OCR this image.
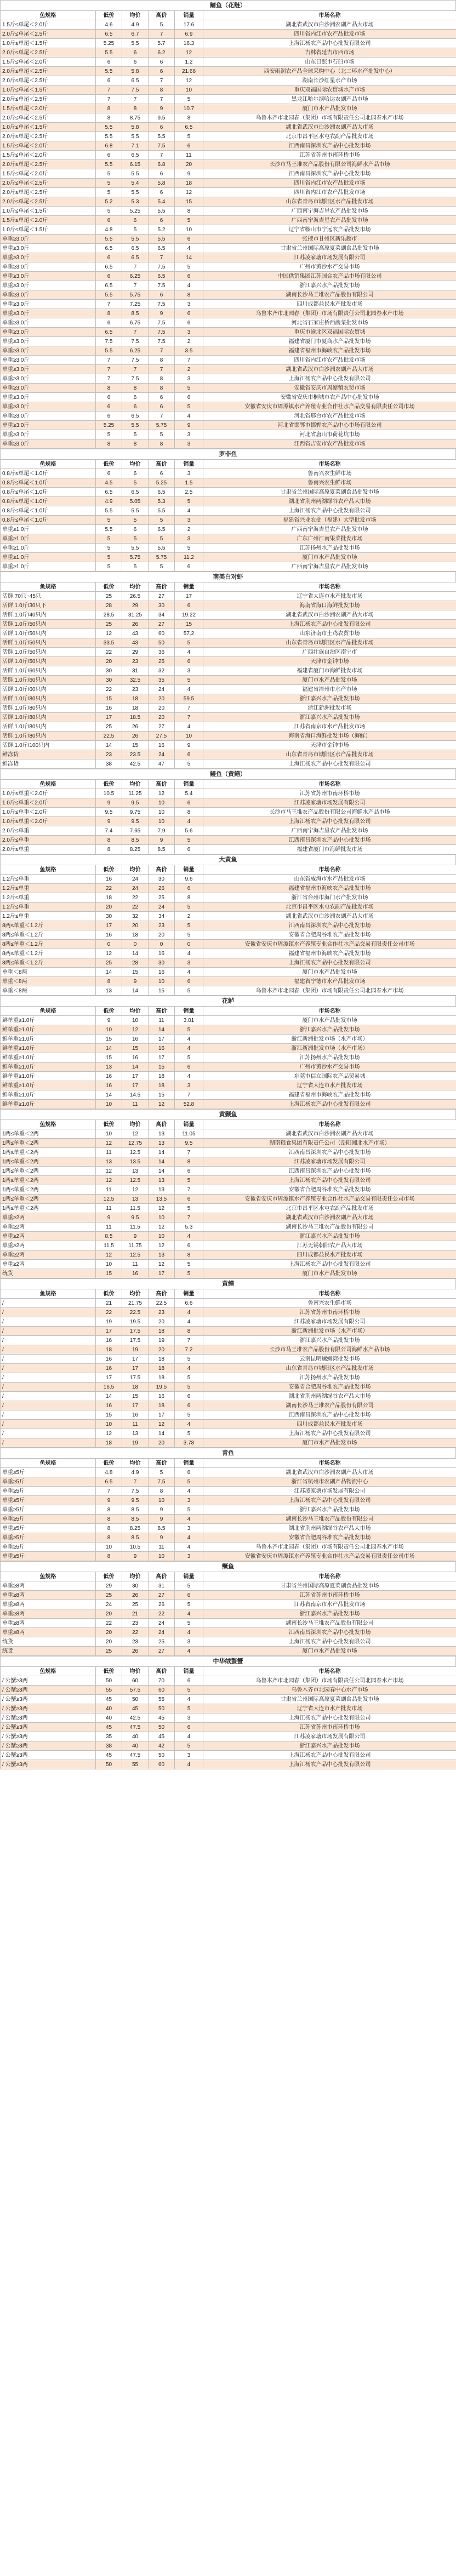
鳙鱼（花鲢）
鱼规格	低价	均价	高价	销量	市场名称
1.5斤≤单尾＜2.0斤	4.6	4.9	5	17.6	湖北省武汉市白沙洲农副产品大市场
2.0斤≤单尾＜2.5斤	6.5	6.7	7	6.9	四川省内江市农产品批发市场
1.0斤≤单尾＜1.5斤	5.25	5.5	5.7	16.3	上海江杨农产品中心批发有限公司
2.0斤≤单尾＜2.5斤	5.5	6	6.2	12	吉林省延吉市西市场
1.5斤≤单尾＜2.0斤	6	6	6	1.2	山东日照市石臼市场
2.0斤≤单尾＜2.5斤	5.5	5.8	6	21.66	西安雨润农产品全球采购中心（北二环水产批发中心）
2.0斤≤单尾＜2.5斤	6	6.5	7	12	湖南长沙红星水产市场
1.0斤≤单尾＜1.5斤	7	7.5	8	10	重庆双福国际农贸城水产市场
2.0斤≤单尾＜2.5斤	7	7	7	5	黑龙江哈尔滨哈达农副产品市场
1.5斤≤单尾＜2.0斤	8	8	9	10.7	厦门市水产品批发市场
2.0斤≤单尾＜2.5斤	8	8.75	9.5	8	乌鲁木齐市北园春（集团）市场有限责任公司北园春水产市场
1.0斤≤单尾＜1.5斤	5.5	5.8	6	6.5	湖北省武汉市白沙洲农副产品大市场
2.0斤≤单尾＜2.5斤	5.5	5.5	5.5	5	北京市昌平区水屯农副产品批发市场
1.5斤≤单尾＜2.0斤	6.8	7.1	7.5	6	江西南昌深圳农产品中心批发市场
1.5斤≤单尾＜2.0斤	6	6.5	7	11	江苏省苏州市南环桥市场
2.0斤≤单尾＜2.5斤	5.5	6.15	6.8	20	长沙市马王堆农产品股份有限公司海鲜水产品市场
1.5斤≤单尾＜2.0斤	5	5.5	6	9	江西南昌深圳农产品中心批发市场
2.0斤≤单尾＜2.5斤	5	5.4	5.8	18	四川省内江市农产品批发市场
2.0斤≤单尾＜2.5斤	5	5.5	6	12	四川省内江市农产品批发市场
2.0斤≤单尾＜2.5斤	5.2	5.3	5.4	15	山东省青岛市城阳区水产品批发市场
1.0斤≤单尾＜1.5斤	5	5.25	5.5	8	广西南宁海吉星农产品批发市场
1.5斤≤单尾＜2.0斤	6	6	6	5	广西南宁海吉星农产品批发市场
1.0斤≤单尾＜1.5斤	4.8	5	5.2	10	辽宁省鞍山市宁远农产品批发市场
单重≥3.0斤	5.5	5.5	5.5	6	张掖市甘州区新乐超市
单重≥3.0斤	6.5	6.5	6.5	4	甘肃省兰州国际高原夏菜副食品批发市场
单重≥3.0斤	6	6.5	7	14	江苏凌家塘市场发展有限公司
单重≥3.0斤	6.5	7	7.5	5	广州市黄沙水产交易市场
单重≥3.0斤	6	6.25	6.5	6	中国供销集团江苏国合农产品市场有限公司
单重≥3.0斤	6.5	7	7.5	4	浙江嘉兴水产品批发市场
单重≥3.0斤	5.5	5.75	6	8	湖南长沙马王堆农产品股份有限公司
单重≥3.0斤	7	7.25	7.5	3	四川成都益民水产批发市场
单重≥3.0斤	8	8.5	9	6	乌鲁木齐市北园春（集团）市场有限责任公司北园春水产市场
单重≥3.0斤	6	6.75	7.5	6	河北省石家庄桥西蔬菜批发市场
单重≥3.0斤	6.5	7	7.5	3	重庆市渝北区双福国际农贸城
单重≥3.0斤	7.5	7.5	7.5	2	福建省厦门市夏商水产品批发市场
单重≥3.0斤	5.5	6.25	7	3.5	福建省福州市海峡农产品批发市场
单重≥3.0斤	7	7.5	8	7	四川省内江市农产品批发市场
单重≥3.0斤	7	7	7	2	湖北省武汉市白沙洲农副产品大市场
单重≥3.0斤	7	7.5	8	3	上海江杨农产品中心批发有限公司
单重≥3.0斤	8	8	8	5	安徽省安庆市周潭镇农贸市场
单重≥3.0斤	6	6	6	6	安徽省安庆市桐城市农产品中心批发市场
单重≥3.0斤	6	6	6	5	安徽省安庆市周潭镇水产养殖专业合作社水产品交易有限责任公司市场
单重≥3.0斤	6	6.5	7	4	河北省邢台市农产品批发市场
单重≥3.0斤	5.25	5.5	5.75	9	河北省邯郸市邯郸农产品中心市场有限公司
单重≥3.0斤	5	5	5	3	河北省唐山市荷花坑市场
单重≥3.0斤	8	8	8	3	江西省吉安市农产品批发市场
罗非鱼
鱼规格	低价	均价	高价	销量	市场名称
0.8斤≤单尾＜1.0斤	6	6	6	3	鲁南兴农生鲜市场
0.8斤≤单尾＜1.0斤	4.5	5	5.25	1.5	鲁南兴农生鲜市场
0.8斤≤单尾＜1.0斤	6.5	6.5	6.5	2.5	甘肃省兰州国际高原夏菜副食品批发市场
0.8斤≤单尾＜1.0斤	4.9	5.05	5.3	5	湖北省荆州两湖绿谷农产品大市场
0.8斤≤单尾＜1.0斤	5.5	5.5	5.5	4	上海江杨农产品中心批发有限公司
0.8斤≤单尾＜1.0斤	5	5	5	3	福建省兴业农批（福建）大型批发市场
单重≥1.0斤	5.5	6	6.5	2	广西南宁海吉星农产品批发市场
单重≥1.0斤	5	5	5	3	广东广州江南果菜批发市场
单重≥1.0斤	5	5.5	5.5	5	江苏扬州水产品批发市场
单重≥1.0斤	5	5.75	5.75	11.2	厦门市水产品批发市场
单重≥1.0斤	5	5	5	6	广西南宁海吉星农产品批发市场
南美白对虾
鱼规格	低价	均价	高价	销量	市场名称
活鲜,70只~45只	25	26.5	27	17	辽宁省大连市水产批发市场
活鲜,1.0斤/30只下	28	29	30	6	海南省海口海鲜批发市场
活鲜,1.0斤/40只内	28.5	31.25	34	19.22	湖北省武汉市白沙洲农副产品大市场
活鲜,1.0斤/50只内	25	26	27	15	上海江杨农产品中心批发有限公司
活鲜,1.0斤/50只内	12	43	60	57.2	山东济南市土鸡农贸市场
活鲜,1.0斤/50只内	33.5	43	50	5	山东省青岛市城阳区水产品批发市场
活鲜,1.0斤/50只内	22	29	36	4	广西壮族自治区南宁市
活鲜,1.0斤/50只内	20	23	25	6	天津市金钟市场
活鲜,1.0斤/60只内	30	31	32	3	福建省厦门市海鲜批发市场
活鲜,1.0斤/60只内	30	32.5	35	5	厦门市水产品批发市场
活鲜,1.0斤/60只内	22	23	24	4	福建省漳州市水产市场
活鲜,1.0斤/80只内	15	18	20	59.5	浙江嘉兴水产品批发市场
活鲜,1.0斤/80只内	16	18	20	7	浙江新洲批发市场
活鲜,1.0斤/80只内	17	18.5	20	7	浙江嘉兴水产品批发市场
活鲜,1.0斤/80只内	25	26	27	4	江苏省南京市水产品批发市场
活鲜,1.0斤/80只内	22.5	26	27.5	10	海南省海口海鲜批发市场（海鲜）
活鲜,1.0斤/100只内	14	15	16	9	天津市金钟市场
鲜冻货	23	23.5	24	6	山东省青岛市城阳区水产品批发市场
鲜冻货	38	42.5	47	5	上海江杨农产品中心批发有限公司
鳗鱼（黄鳝）
鱼规格	低价	均价	高价	销量	市场名称
1.0斤≤单重＜2.0斤	10.5	11.25	12	5.4	江苏省苏州市南环桥市场
1.0斤≤单重＜2.0斤	9	9.5	10	6	江苏凌家塘市场发展有限公司
1.0斤≤单重＜2.0斤	9.5	9.75	10	8	长沙市马王堆农产品股份有限公司海鲜水产品市场
1.0斤≤单重＜2.0斤	9	9.5	10	4	上海江杨农产品中心批发有限公司
2.0斤≤单重	7.4	7.65	7.9	5.6	广西南宁海吉星农产品批发市场
2.0斤≤单重	8	8.5	9	5	江西南昌深圳农产品中心批发市场
2.0斤≤单重	8	8.25	8.5	6	福建省厦门市海鲜批发市场
大黄鱼
鱼规格	低价	均价	高价	销量	市场名称
1.2斤≤单重	16	24	30	9.6	山东省威海市水产品批发市场
1.2斤≤单重	22	24	26	6	福建省福州市海峡农产品批发市场
1.2斤≤单重	18	22	25	8	浙江省台州市海门水产批发市场
1.2斤≤单重	20	22	24	5	北京市昌平区水屯农副产品批发市场
1.2斤≤单重	30	32	34	2	湖北省武汉市白沙洲农副产品大市场
8两≤单重＜1.2斤	17	20	23	5	江西南昌深圳农产品中心批发市场
8两≤单重＜1.2斤	16	18	20	5	安徽省合肥周谷堆农产品批发市场
8两≤单重＜1.2斤	0	0	0	0	安徽省安庆市周潭镇水产养殖专业合作社水产品交易有限责任公司市场
8两≤单重＜1.2斤	12	14	16	4	福建省福州市海峡农产品批发市场
8两≤单重＜1.2斤	25	28	30	3	上海江杨农产品中心批发有限公司
单重＜8两	14	15	16	4	厦门市水产品批发市场
单重＜8两	8	9	10	6	福建省宁德市水产品批发市场
单重＜8两	13	14	15	5	乌鲁木齐市北园春（集团）市场有限责任公司北园春水产市场
花鲈
鱼规格	低价	均价	高价	销量	市场名称
鲜单重≥1.0斤	9	10	11	3.01	厦门市水产品批发市场
鲜单重≥1.0斤	10	12	14	5	浙江嘉兴水产品批发市场
鲜单重≥1.0斤	15	16	17	4	浙江新洲批发市场（水产市场）
鲜单重≥1.0斤	14	15	16	4	浙江新洲批发市场（水产市场）
鲜单重≥1.0斤	15	16	17	5	江苏扬州水产品批发市场
鲜单重≥1.0斤	13	14	15	6	广州市黄沙水产交易市场
鲜单重≥1.0斤	16	17	18	4	东莞市信立国际农产品贸易城
鲜单重≥1.0斤	16	17	18	3	辽宁省大连市水产批发市场
鲜单重≥1.0斤	14	14.5	15	7	福建省福州市海峡农产品批发市场
鲜单重≥1.0斤	10	11	12	52.8	上海江杨农产品中心批发有限公司
黄颡鱼
鱼规格	低价	均价	高价	销量	市场名称
1两≤单重＜2两	10	12	13	11.05	湖北省武汉市白沙洲农副产品大市场
1两≤单重＜2两	12	12.75	13	9.5	湖南粮食集团有限责任公司（岳阳湘北水产市场）
1两≤单重＜2两	11	12.5	14	7	江西南昌深圳农产品中心批发市场
1两≤单重＜2两	13	13.5	14	8	江苏凌家塘市场发展有限公司
1两≤单重＜2两	12	13	14	6	江西南昌深圳农产品中心批发市场
1两≤单重＜2两	12	12.5	13	5	上海江杨农产品中心批发有限公司
1两≤单重＜2两	11	12	13	7	安徽省合肥周谷堆农产品批发市场
1两≤单重＜2两	12.5	13	13.5	6	安徽省安庆市周潭镇水产养殖专业合作社水产品交易有限责任公司市场
1两≤单重＜2两	11	11.5	12	5	北京市昌平区水屯农副产品批发市场
单重≥2两	9	9.5	10	7	湖北省武汉市白沙洲农副产品大市场
单重≥2两	11	11.5	12	5.3	湖南长沙马王堆农产品股份有限公司
单重≥2两	8.5	9	10	4	浙江嘉兴水产品批发市场
单重≥2两	11.5	11.75	12	6	江苏无锡朝阳农产品大市场
单重≥2两	12	12.5	13	8	四川成都益民水产批发市场
单重≥2两	10	11	12	5	上海江杨农产品中心批发有限公司
统货	15	16	17	5	厦门市水产品批发市场
黄鳝
鱼规格	低价	均价	高价	销量	市场名称
/	21	21.75	22.5	6.6	鲁南兴农生鲜市场
/	22	22.5	23	4	江苏省苏州市南环桥市场
/	19	19.5	20	4	江苏凌家塘市场发展有限公司
/	17	17.5	18	8	浙江新洲批发市场（水产市场）
/	16	17.5	19	7	浙江嘉兴水产品批发市场
/	18	19	20	7.2	长沙市马王堆农产品股份有限公司海鲜水产品市场
/	16	17	18	5	云南昆明螺蛳湾批发市场
/	16	17	18	4	山东省青岛市城阳区水产品批发市场
/	17	17.5	18	5	江苏扬州水产品批发市场
/	16.5	18	19.5	5	安徽省合肥周谷堆农产品批发市场
/	14	15	16	6	湖北省荆州两湖绿谷农产品大市场
/	16	17	18	6	湖南长沙马王堆农产品股份有限公司
/	15	16	17	5	江西南昌深圳农产品中心批发市场
/	10	11	12	4	四川成都益民水产批发市场
/	12	13	14	5	上海江杨农产品中心批发有限公司
/	18	19	20	3.78	厦门市水产品批发市场
青鱼
鱼规格	低价	均价	高价	销量	市场名称
单重≥5斤	4.8	4.9	5	6	湖北省武汉市白沙洲农副产品大市场
单重≥5斤	6.5	7	7.5	5	浙江省杭州市农副产品物流中心
单重≥5斤	7	7.5	8	4	江苏凌家塘市场发展有限公司
单重≥5斤	9	9.5	10	3	上海江杨农产品中心批发有限公司
单重≥5斤	8	8.5	9	5	浙江嘉兴水产品批发市场
单重≥5斤	8	8.5	9	4	湖南长沙马王堆农产品股份有限公司
单重≥5斤	8	8.25	8.5	3	湖北省荆州两湖绿谷农产品大市场
单重≥5斤	8	8.5	9	4	安徽省合肥周谷堆农产品批发市场
单重≥5斤	10	10.5	11	4	乌鲁木齐市北园春（集团）市场有限责任公司北园春水产市场
单重≥5斤	8	9	10	3	安徽省安庆市周潭镇水产养殖专业合作社水产品交易有限责任公司市场
鳜鱼
鱼规格	低价	均价	高价	销量	市场名称
单重≥8两	29	30	31	5	甘肃省兰州国际高原夏菜副食品批发市场
单重≥8两	25	26	27	6	江苏省苏州市南环桥市场
单重≥8两	24	25	26	5	江苏省南京市水产品批发市场
单重≥8两	20	21	22	4	浙江嘉兴水产品批发市场
单重≥8两	22	23	24	5	湖南长沙马王堆农产品股份有限公司
单重≥8两	20	22	24	4	江西南昌深圳农产品中心批发市场
统货	20	23	25	3	上海江杨农产品中心批发有限公司
统货	25	26	27	4	厦门市水产品批发市场
中华绒螯蟹
鱼规格	低价	均价	高价	销量	市场名称
/ 公蟹≥3两	50	60	70	6	乌鲁木齐市北园春（集团）市场有限责任公司北园春水产市场
/ 公蟹≥3两	55	57.5	60	5	乌鲁木齐市北园春中心水产市场
/ 公蟹≥3两	45	50	55	4	甘肃省兰州国际高原夏菜副食品批发市场
/ 公蟹≥3两	40	45	50	5	辽宁省大连市水产批发市场
/ 公蟹≥3两	40	42.5	45	3	上海江杨农产品中心批发有限公司
/ 公蟹≥3两	45	47.5	50	6	江苏省苏州市南环桥市场
/ 公蟹≥3两	35	40	45	4	江苏凌家塘市场发展有限公司
/ 公蟹≥3两	38	40	42	5	浙江嘉兴水产品批发市场
/ 公蟹≥3两	45	47.5	50	3	上海江杨农产品中心批发有限公司
/ 公蟹≥3两	50	55	60	4	上海江杨农产品中心批发有限公司
